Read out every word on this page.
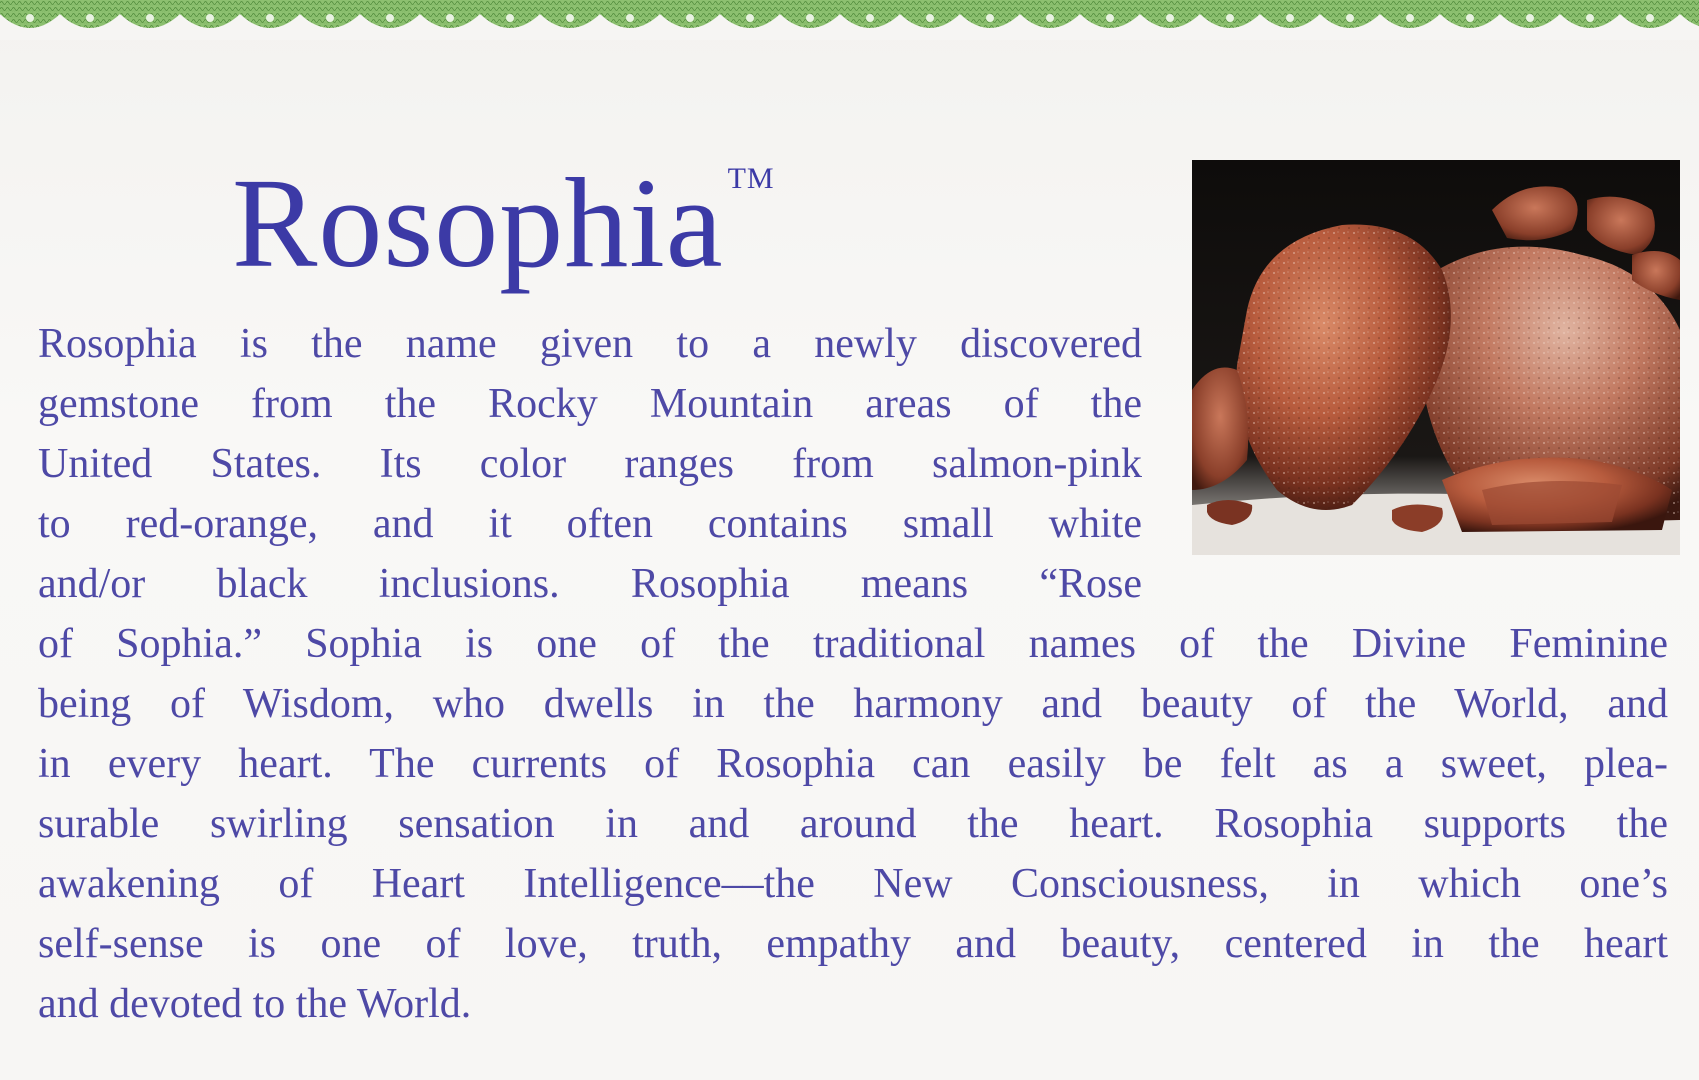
Rosophia TM
Rosophia is the name given to a newly discovered
gemstone from the Rocky Mountain areas of the
United States. Its color ranges from salmon-pink
to red-orange, and it often contains small white
and/or black inclusions. Rosophia means “Rose
of Sophia.” Sophia is one of the traditional names of the Divine Feminine
being of Wisdom, who dwells in the harmony and beauty of the World, and
in every heart. The currents of Rosophia can easily be felt as a sweet, plea-
surable swirling sensation in and around the heart. Rosophia supports the
awakening of Heart Intelligence––the New Consciousness, in which one’s
self-sense is one of love, truth, empathy and beauty, centered in the heart
and devoted to the World.
